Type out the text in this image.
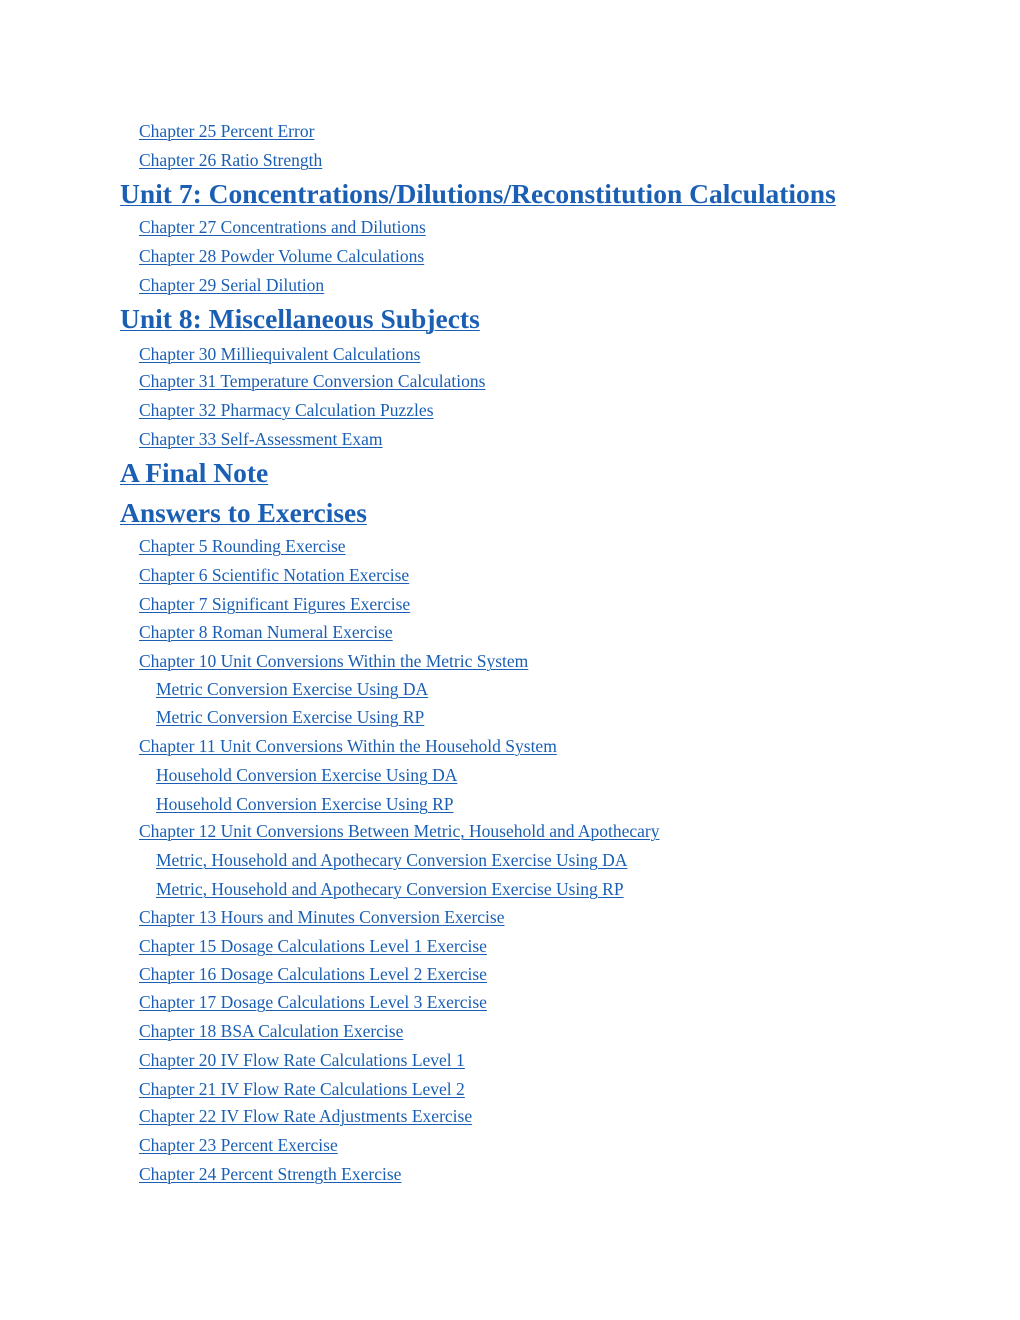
Chapter 25 Percent Error
Chapter 26 Ratio Strength
Unit 7: Concentrations/Dilutions/Reconstitution Calculations
Chapter 27 Concentrations and Dilutions
Chapter 28 Powder Volume Calculations
Chapter 29 Serial Dilution
Unit 8: Miscellaneous Subjects
Chapter 30 Milliequivalent Calculations
Chapter 31 Temperature Conversion Calculations
Chapter 32 Pharmacy Calculation Puzzles
Chapter 33 Self-Assessment Exam
A Final Note
Answers to Exercises
Chapter 5 Rounding Exercise
Chapter 6 Scientific Notation Exercise
Chapter 7 Significant Figures Exercise
Chapter 8 Roman Numeral Exercise
Chapter 10 Unit Conversions Within the Metric System
Metric Conversion Exercise Using DA
Metric Conversion Exercise Using RP
Chapter 11 Unit Conversions Within the Household System
Household Conversion Exercise Using DA
Household Conversion Exercise Using RP
Chapter 12 Unit Conversions Between Metric, Household and Apothecary
Metric, Household and Apothecary Conversion Exercise Using DA
Metric, Household and Apothecary Conversion Exercise Using RP
Chapter 13 Hours and Minutes Conversion Exercise
Chapter 15 Dosage Calculations Level 1 Exercise
Chapter 16 Dosage Calculations Level 2 Exercise
Chapter 17 Dosage Calculations Level 3 Exercise
Chapter 18 BSA Calculation Exercise
Chapter 20 IV Flow Rate Calculations Level 1
Chapter 21 IV Flow Rate Calculations Level 2
Chapter 22 IV Flow Rate Adjustments Exercise
Chapter 23 Percent Exercise
Chapter 24 Percent Strength Exercise
